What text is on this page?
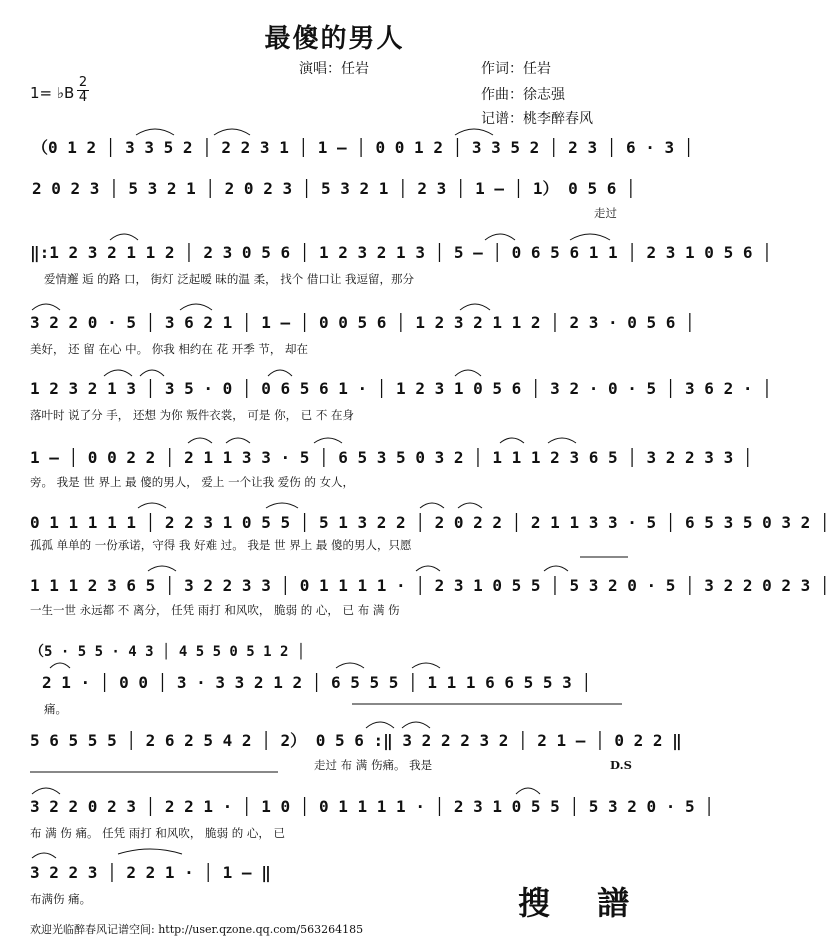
最傻的男人
演唱：任岩	作词：任岩
作曲：徐志强
记谱：桃李醉春风
1= ♭B
2
4
（0 1 2 │ 3 3 5 2 │ 2 2 3 1 │ 1 – │ 0 0 1 2 │ 3 3 5 2 │ 2 3 │ 6 · 3 │
2 0 2 3 │ 5 3 2 1 │ 2 0 2 3 │ 5 3 2 1 │ 2 3 │ 1 – │ 1） 0 5 6 │
走过
‖:1 2 3 2 1 1 2 │ 2 3 0 5 6 │ 1 2 3 2 1 3 │ 5 – │ 0 6 5 6 1 1 │ 2 3 1 0 5 6 │
爱情邂 逅 的路 口， 街灯 泛起暧 昧的温 柔， 找个 借口让 我逗留，那分
3 2 2 0 · 5 │ 3 6 2 1 │ 1 – │ 0 0 5 6 │ 1 2 3 2 1 1 2 │ 2 3 · 0 5 6 │
美好， 还 留 在心 中。 你我 相约在 花 开季 节， 却在
1 2 3 2 1 3 │ 3 5 · 0 │ 0 6 5 6 1 · │ 1 2 3 1 0 5 6 │ 3 2 · 0 · 5 │ 3 6 2 · │
落叶时 说了分 手， 还想 为你 叛件衣裳， 可是 你， 已 不 在身
1 – │ 0 0 2 2 │ 2 1 1 3 3 · 5 │ 6 5 3 5 0 3 2 │ 1 1 1 2 3 6 5 │ 3 2 2 3 3 │
旁。 我是 世 界上 最 傻的男人， 爱上 一个让我 爱伤 的 女人，
0 1 1 1 1 1 │ 2 2 3 1 0 5 5 │ 5 1 3 2 2 │ 2 0 2 2 │ 2 1 1 3 3 · 5 │ 6 5 3 5 0 3 2 │
孤孤 单单的 一份承诺，守得 我 好难 过。 我是 世 界上 最 傻的男人，只愿
1 1 1 2 3 6 5 │ 3 2 2 3 3 │ 0 1 1 1 1 · │ 2 3 1 0 5 5 │ 5 3 2 0 · 5 │ 3 2 2 0 2 3 │
一生一世 永远都 不 离分， 任凭 雨打 和风吹， 脆弱 的 心， 已 布 满 伤
（5 · 5 5 · 4 3 │ 4 5 5 0 5 1 2 │
2 1 · │ 0 0 │ 3 · 3 3 2 1 2 │ 6 5 5 5 │ 1 1 1 6 6 5 5 3 │
痛。
5 6 5 5 5 │ 2 6 2 5 4 2 │ 2） 0 5 6 :‖ 3 2 2 2 3 2 │ 2 1 – │ 0 2 2 ‖
走过 布 满 伤痛。 我是	D.S
3 2 2 0 2 3 │ 2 2 1 · │ 1 0 │ 0 1 1 1 1 · │ 2 3 1 0 5 5 │ 5 3 2 0 · 5 │
布 满 伤 痛。 任凭 雨打 和风吹， 脆弱 的 心， 已
3 2 2 3 │ 2 2 1 · │ 1 – ‖
布满伤 痛。	搜 譜
欢迎光临醉春风记谱空间: http://user.qzone.qq.com/563264185
